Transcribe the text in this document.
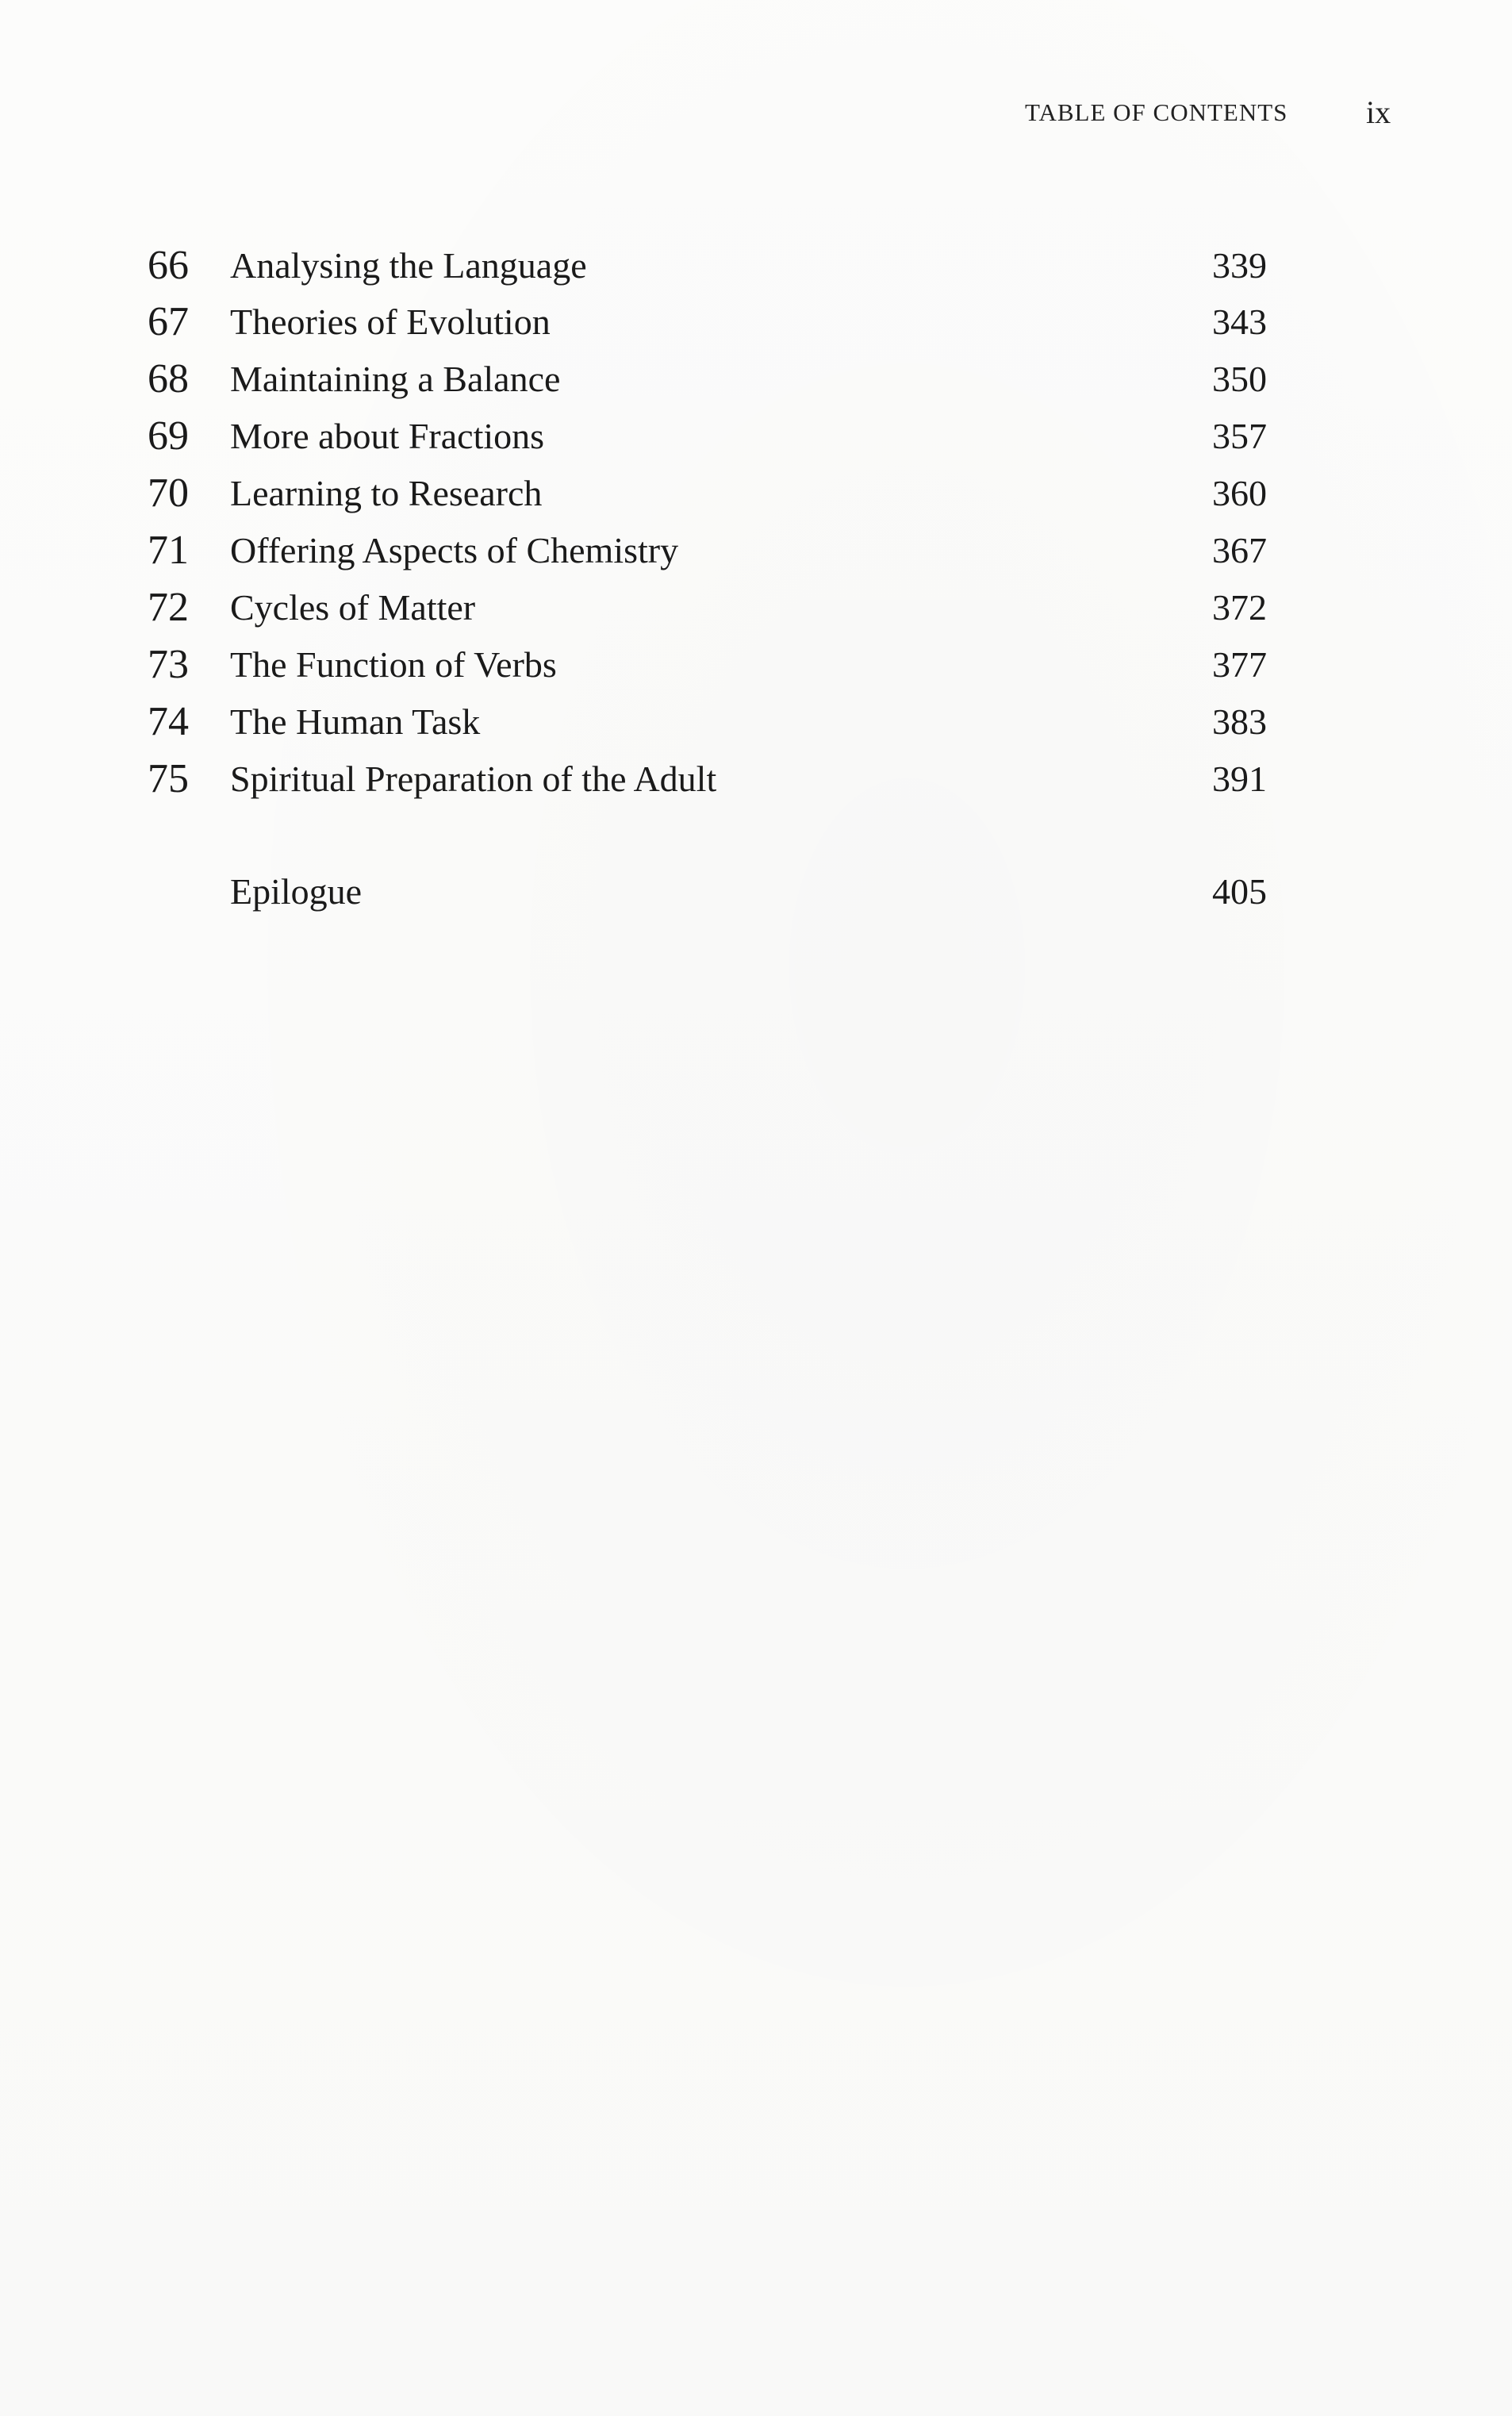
TABLE OF CONTENTS ix
66	Analysing the Language	339
67	Theories of Evolution	343
68	Maintaining a Balance	350
69	More about Fractions	357
70	Learning to Research	360
71	Offering Aspects of Chemistry	367
72	Cycles of Matter	372
73	The Function of Verbs	377
74	The Human Task	383
75	Spiritual Preparation of the Adult	391
Epilogue	405
